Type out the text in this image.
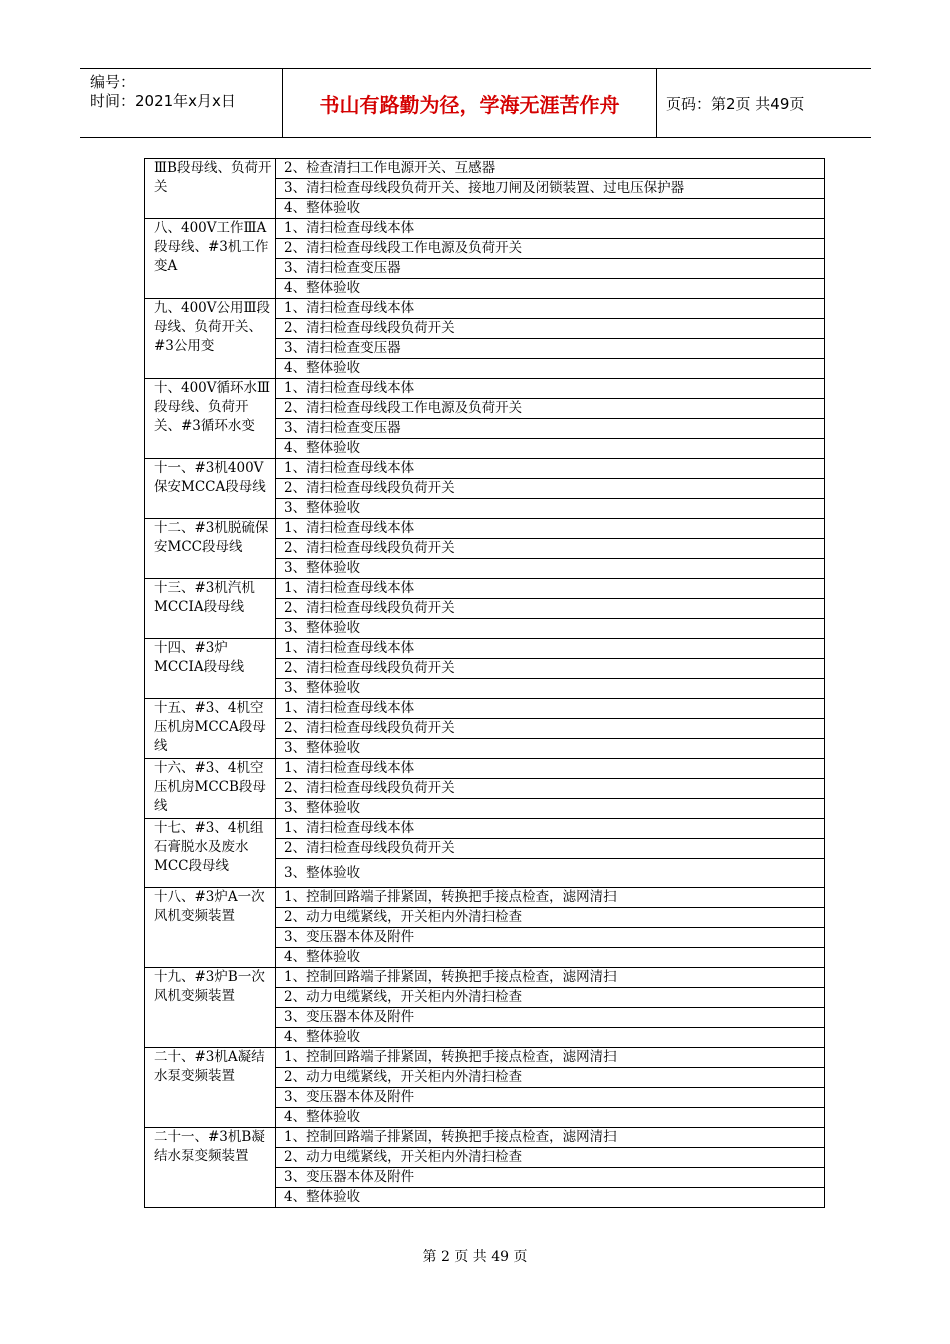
编号：
时间：2021年x月x日	书山有路勤为径，学海无涯苦作舟	页码：第2页 共49页
ⅢB段母线、负荷开关	2、检查清扫工作电源开关、互感器
	3、清扫检查母线段负荷开关、接地刀闸及闭锁装置、过电压保护器
	4、整体验收
八、400V工作ⅢA段母线、#3机工作变A	1、清扫检查母线本体
	2、清扫检查母线段工作电源及负荷开关
	3、清扫检查变压器
	4、整体验收
九、400V公用Ⅲ段母线、负荷开关、#3公用变	1、清扫检查母线本体
	2、清扫检查母线段负荷开关
	3、清扫检查变压器
	4、整体验收
十、400V循环水Ⅲ段母线、负荷开关、#3循环水变	1、清扫检查母线本体
	2、清扫检查母线段工作电源及负荷开关
	3、清扫检查变压器
	4、整体验收
十一、#3机400V保安MCCA段母线	1、清扫检查母线本体
	2、清扫检查母线段负荷开关
	3、整体验收
十二、#3机脱硫保安MCC段母线	1、清扫检查母线本体
	2、清扫检查母线段负荷开关
	3、整体验收
十三、#3机汽机MCCⅠA段母线	1、清扫检查母线本体
	2、清扫检查母线段负荷开关
	3、整体验收
十四、#3炉MCCIA段母线	1、清扫检查母线本体
	2、清扫检查母线段负荷开关
	3、整体验收
十五、#3、4机空压机房MCCA段母线	1、清扫检查母线本体
	2、清扫检查母线段负荷开关
	3、整体验收
十六、#3、4机空压机房MCCB段母线	1、清扫检查母线本体
	2、清扫检查母线段负荷开关
	3、整体验收
十七、#3、4机组石膏脱水及废水MCC段母线	1、清扫检查母线本体
	2、清扫检查母线段负荷开关
	3、整体验收
十八、#3炉A一次风机变频装置	1、控制回路端子排紧固，转换把手接点检查，滤网清扫
	2、动力电缆紧线，开关柜内外清扫检查
	3、变压器本体及附件
	4、整体验收
十九、#3炉B一次风机变频装置	1、控制回路端子排紧固，转换把手接点检查，滤网清扫
	2、动力电缆紧线，开关柜内外清扫检查
	3、变压器本体及附件
	4、整体验收
二十、#3机A凝结水泵变频装置	1、控制回路端子排紧固，转换把手接点检查，滤网清扫
	2、动力电缆紧线，开关柜内外清扫检查
	3、变压器本体及附件
	4、整体验收
二十一、#3机B凝结水泵变频装置	1、控制回路端子排紧固，转换把手接点检查，滤网清扫
	2、动力电缆紧线，开关柜内外清扫检查
	3、变压器本体及附件
	4、整体验收
第 2 页 共 49 页
